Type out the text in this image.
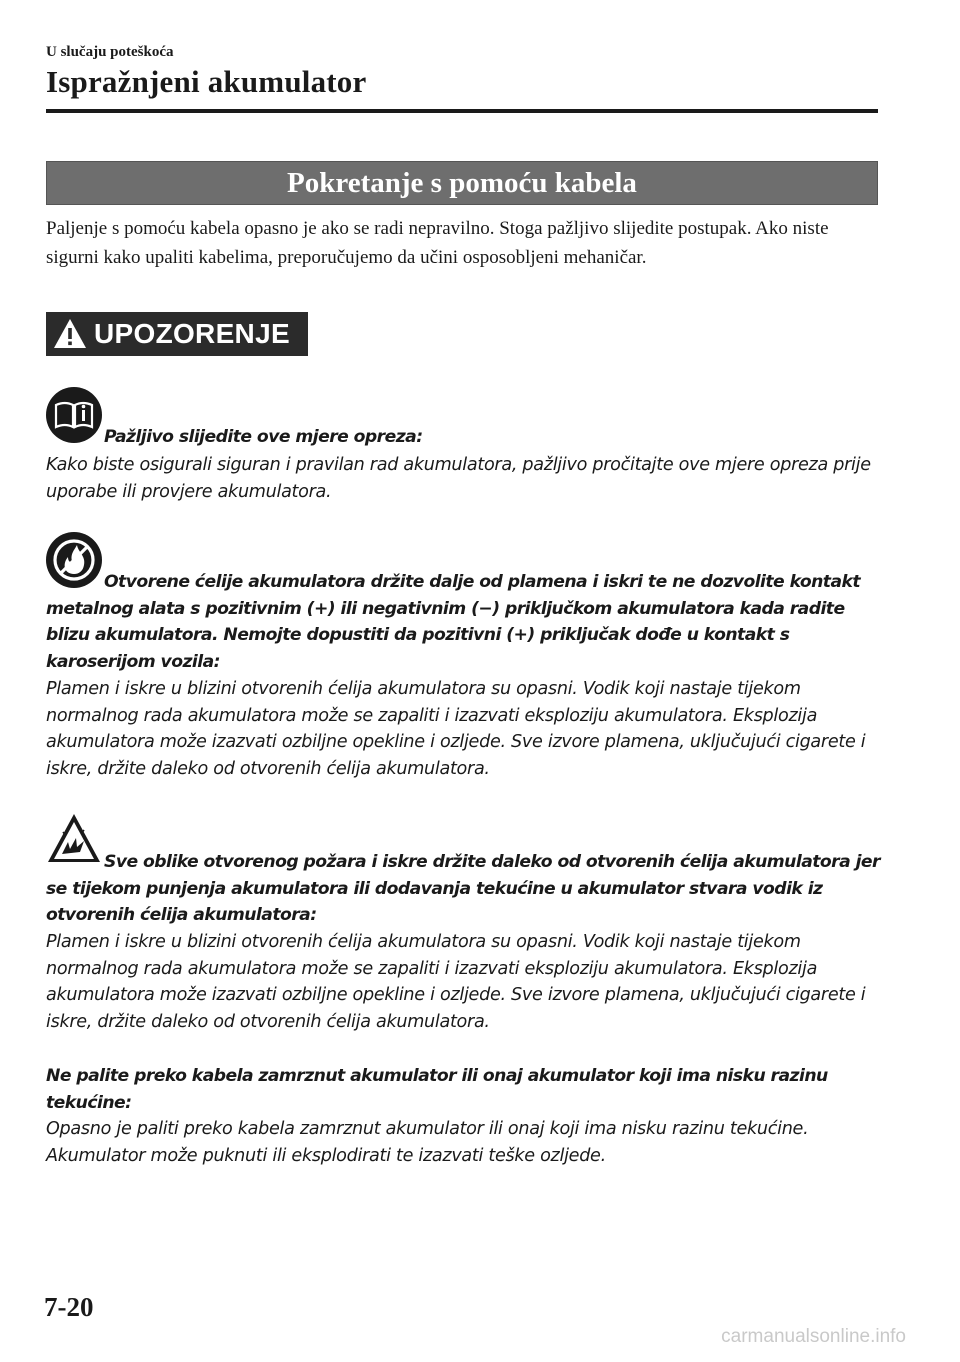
U slučaju poteškoća
Ispražnjeni akumulator
Pokretanje s pomoću kabela

Paljenje s pomoću kabela opasno je ako se radi nepravilno. Stoga pažljivo slijedite postupak. Ako niste sigurni kako upaliti kabelima, preporučujemo da učini osposobljeni mehaničar.

UPOZORENJE

Pažljivo slijedite ove mjere opreza:

Kako biste osigurali siguran i pravilan rad akumulatora, pažljivo pročitajte ove mjere opreza prije uporabe ili provjere akumulatora.

Otvorene ćelije akumulatora držite dalje od plamena i iskri te ne dozvolite kontakt metalnog alata s pozitivnim (+) ili negativnim (−) priključkom akumulatora kada radite blizu akumulatora. Nemojte dopustiti da pozitivni (+) priključak dođe u kontakt s karoserijom vozila:

Plamen i iskre u blizini otvorenih ćelija akumulatora su opasni. Vodik koji nastaje tijekom normalnog rada akumulatora može se zapaliti i izazvati eksploziju akumulatora. Eksplozija akumulatora može izazvati ozbiljne opekline i ozljede. Sve izvore plamena, uključujući cigarete i iskre, držite daleko od otvorenih ćelija akumulatora.

Sve oblike otvorenog požara i iskre držite daleko od otvorenih ćelija akumulatora jer se tijekom punjenja akumulatora ili dodavanja tekućine u akumulator stvara vodik iz otvorenih ćelija akumulatora:

Plamen i iskre u blizini otvorenih ćelija akumulatora su opasni. Vodik koji nastaje tijekom normalnog rada akumulatora može se zapaliti i izazvati eksploziju akumulatora. Eksplozija akumulatora može izazvati ozbiljne opekline i ozljede. Sve izvore plamena, uključujući cigarete i iskre, držite daleko od otvorenih ćelija akumulatora.

Ne palite preko kabela zamrznut akumulator ili onaj akumulator koji ima nisku razinu tekućine:

Opasno je paliti preko kabela zamrznut akumulator ili onaj koji ima nisku razinu tekućine. Akumulator može puknuti ili eksplodirati te izazvati teške ozljede.

7-20
carmanualsonline.info
